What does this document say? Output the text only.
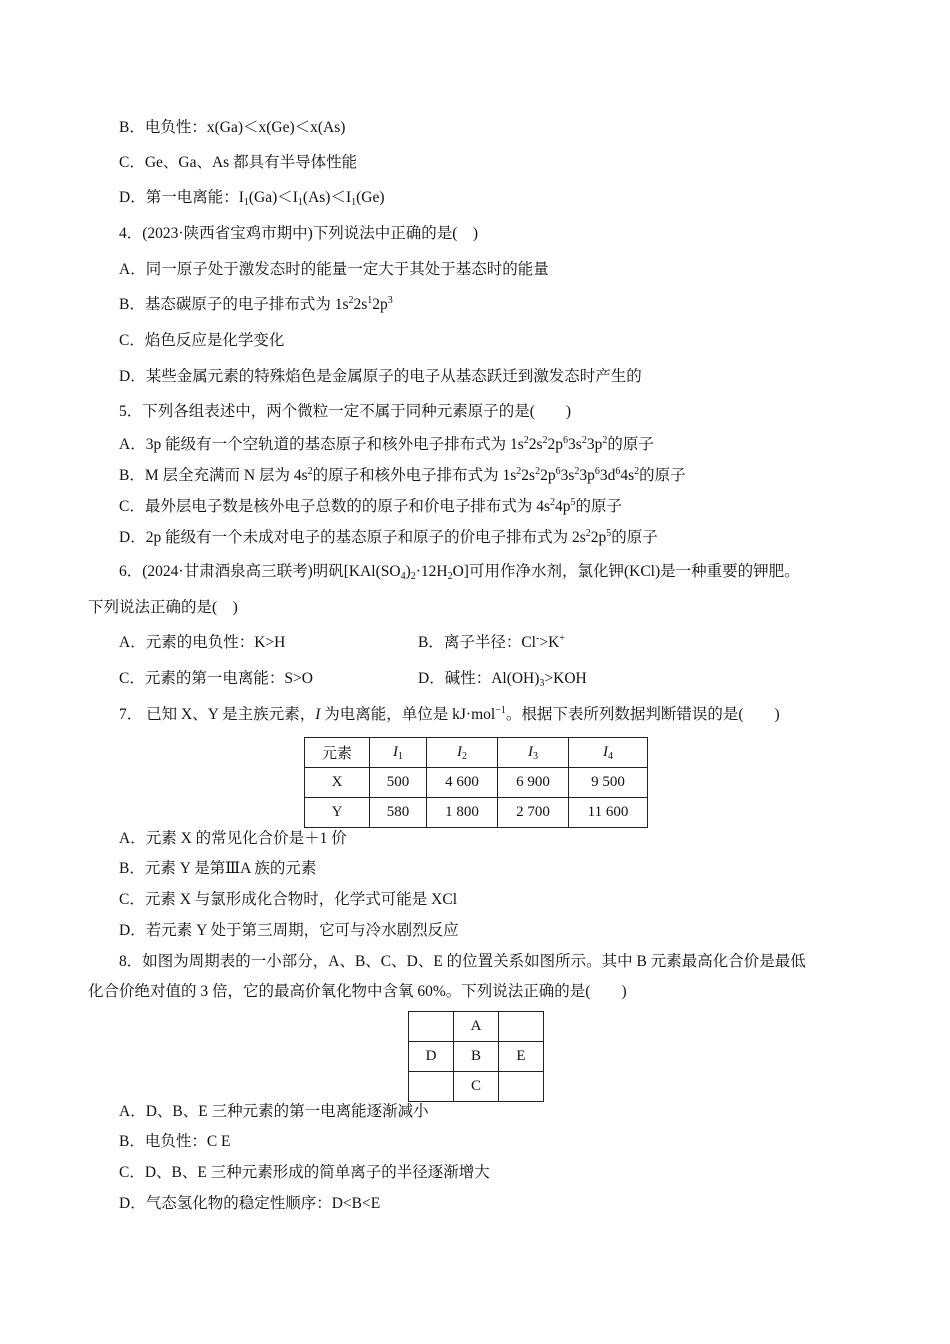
B．电负性：x(Ga)＜x(Ge)＜x(As)
C．Ge、Ga、As 都具有半导体性能
D．第一电离能：$I_1(Ga)<I_1(As)<I_1(Ge)$
4．(2023·陕西省宝鸡市期中)下列说法中正确的是(　)
A．同一原子处于激发态时的能量一定大于其处于基态时的能量
B．基态碳原子的电子排布式为 $1s^22s^12p^3$
C．焰色反应是化学变化
D．某些金属元素的特殊焰色是金属原子的电子从基态跃迁到激发态时产生的
5．下列各组表述中，两个微粒一定不属于同种元素原子的是(　　)
A．3p 能级有一个空轨道的基态原子和核外电子排布式为 $1s^22s^22p^63s^23p^2$的原子
B．M 层全充满而 N 层为 $4s^2$的原子和核外电子排布式为 $1s^22s^22p^63s^23p^63d^64s^2$的原子
C．最外层电子数是核外电子总数的的原子和价电子排布式为 $4s^24p^5$的原子
D．2p 能级有一个未成对电子的基态原子和原子的价电子排布式为 $2s^22p^5$的原子
6．(2024·甘肃酒泉高三联考)明矾$[KAl(SO_4)_2\cdot 12H_2O]$可用作净水剂，氯化钾(KCl)是一种重要的钾肥。
下列说法正确的是(　)
A．元素的电负性：K>H	B．离子半径：Cl->K+
C．元素的第一电离能：S>O	D．碱性：$Al(OH)_3>KOH$
7． 已知 X、Y 是主族元素，I 为电离能，单位是 kJ·mol$^{-1}$。根据下表所列数据判断错误的是(　　)
元素	$I_1$	$I_2$	$I_3$	$I_4$
X	500	4 600	6 900	9 500
Y	580	1 800	2 700	11 600
A．元素 X 的常见化合价是＋1 价
B．元素 Y 是第ⅢA 族的元素
C．元素 X 与氯形成化合物时，化学式可能是 XCl
D．若元素 Y 处于第三周期，它可与冷水剧烈反应
8．如图为周期表的一小部分，A、B、C、D、E 的位置关系如图所示。其中 B 元素最高化合价是最低
化合价绝对值的 3 倍，它的最高价氧化物中含氧 60%。下列说法正确的是(　　)
	A	
D	B	E
	C	
A．D、B、E 三种元素的第一电离能逐渐减小
B．电负性：C E
C．D、B、E 三种元素形成的简单离子的半径逐渐增大
D．气态氢化物的稳定性顺序：D<B<E
